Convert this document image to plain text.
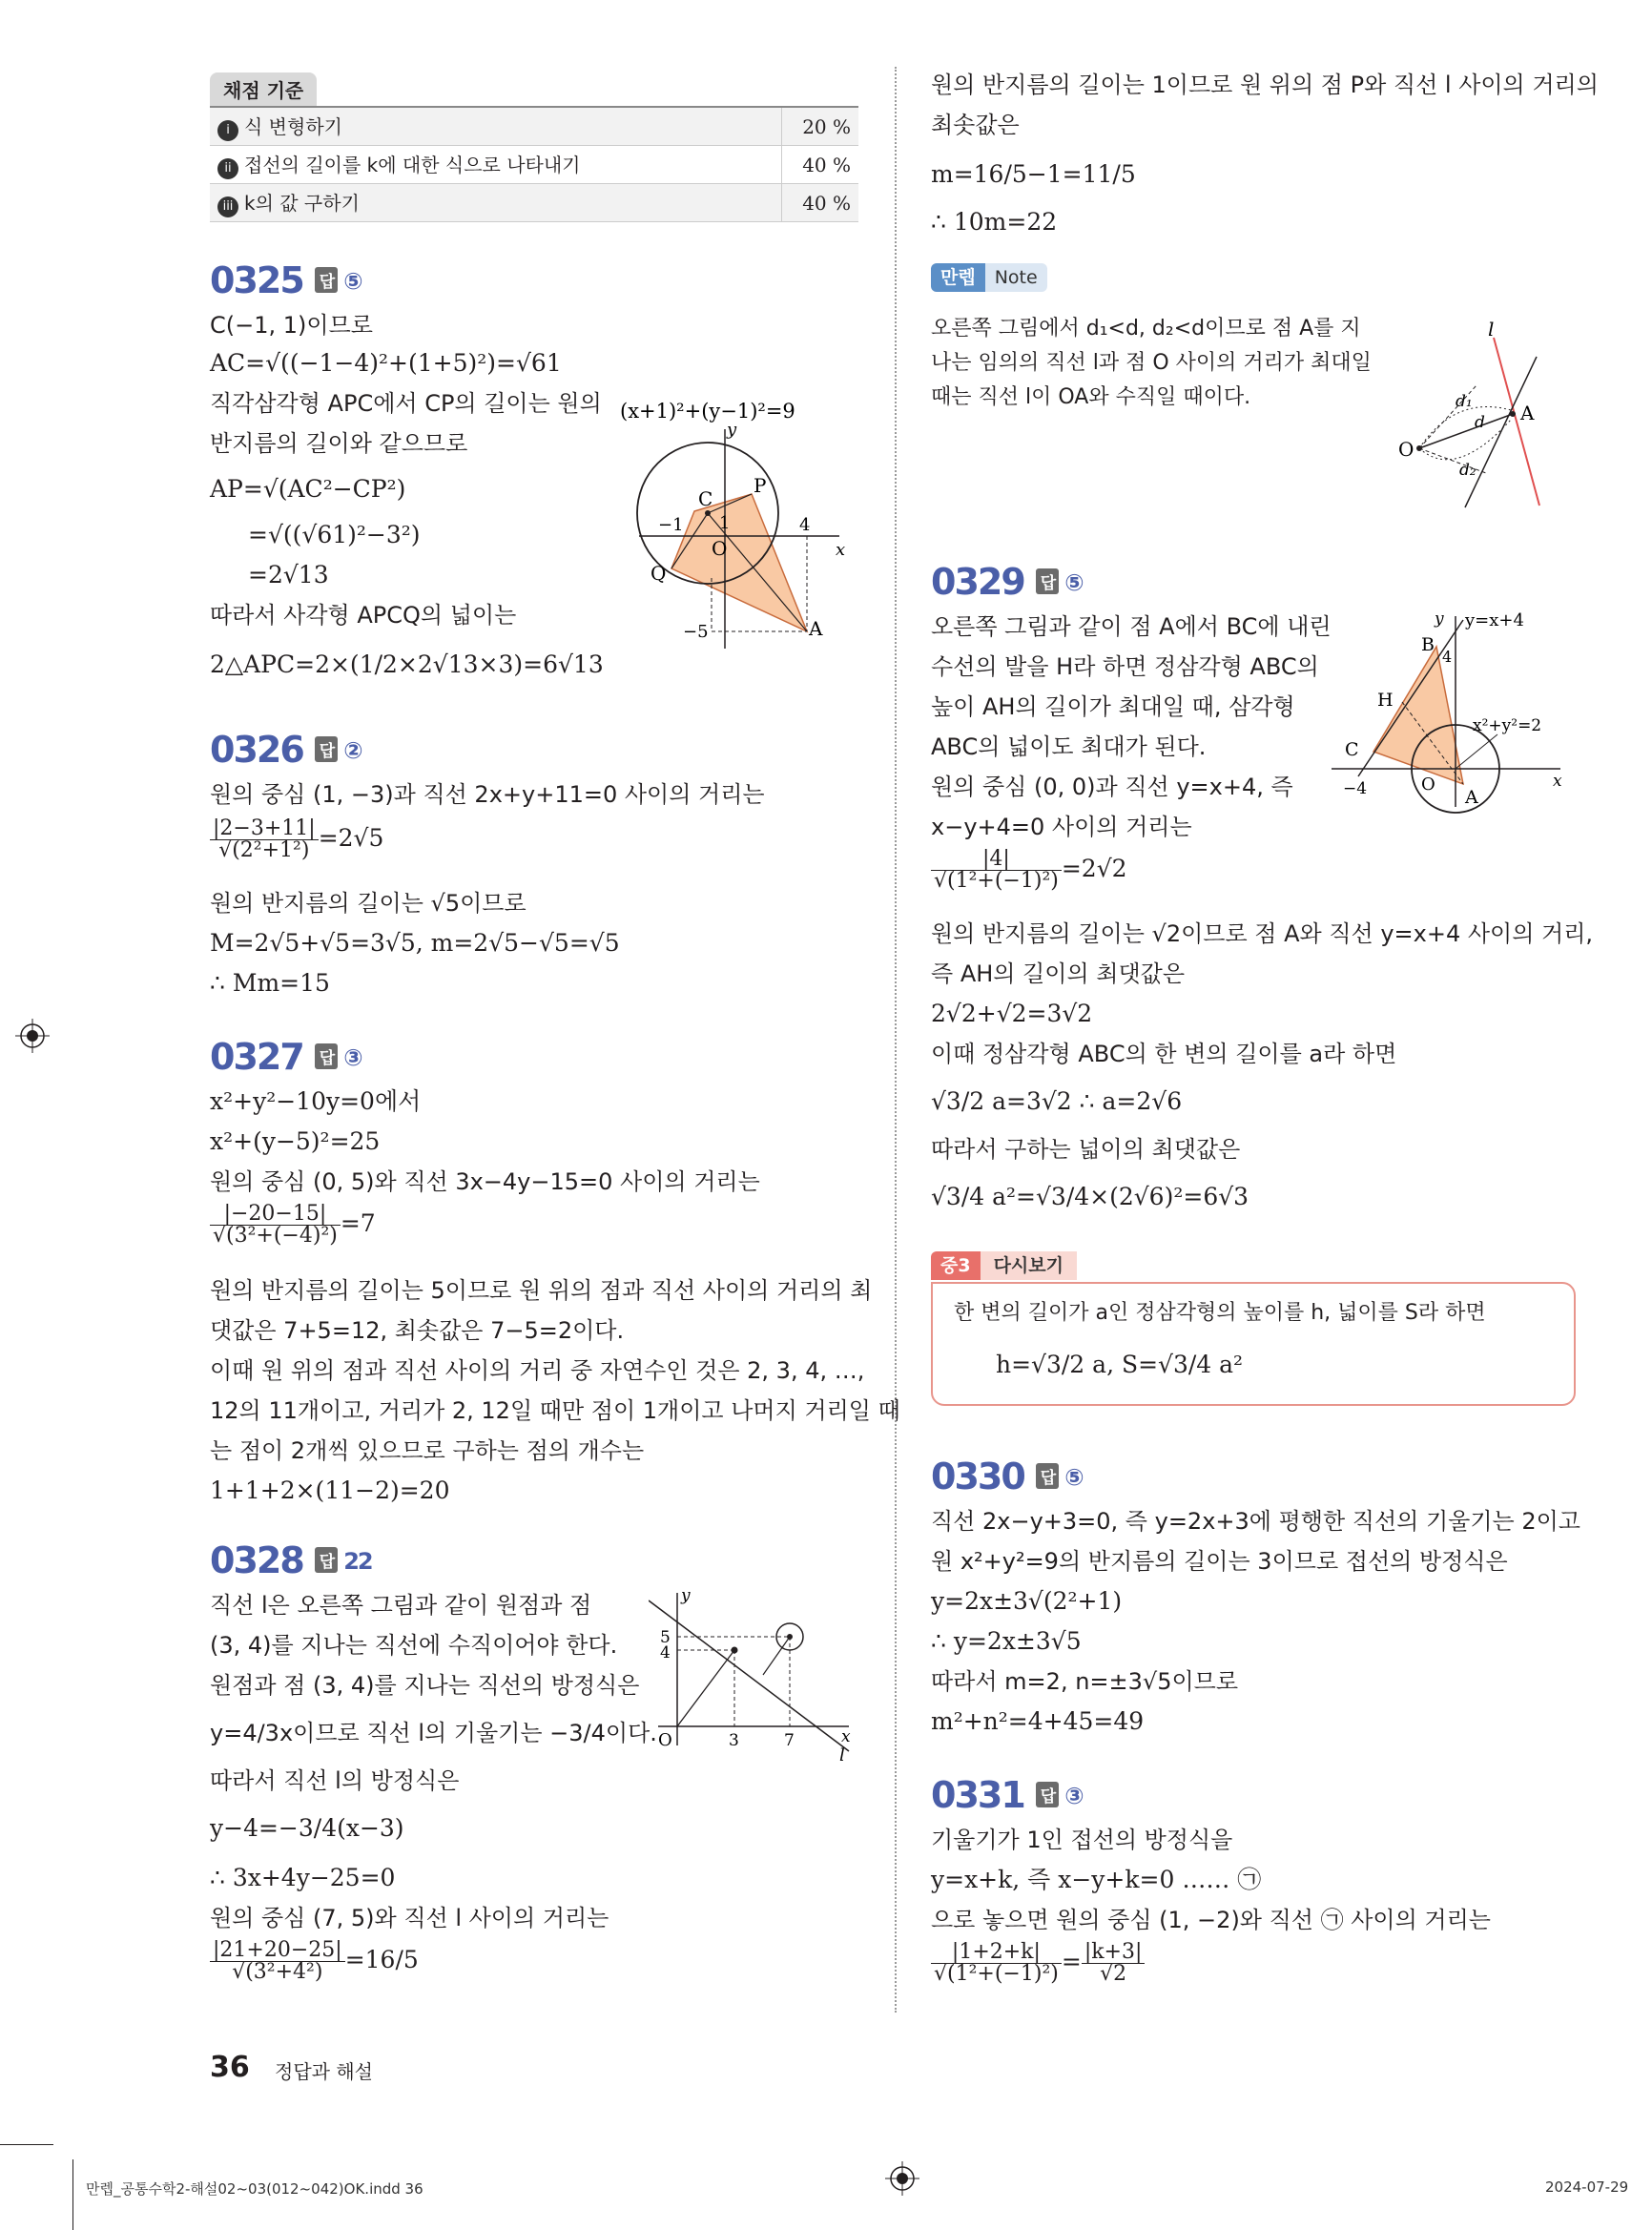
채점 기준
i 식 변형하기	20 %
ii 접선의 길이를 k에 대한 식으로 나타내기	40 %
iii k의 값 구하기	40 %
0325 답 ⑤
C(−1, 1)이므로
AC=√((−1−4)²+(1+5)²)=√61
직각삼각형 APC에서 CP의 길이는 원의
반지름의 길이와 같으므로
AP=√(AC²−CP²)
=√((√61)²−3²)
=2√13
따라서 사각형 APCQ의 넓이는
2△APC=2×(1/2×2√13×3)=6√13
(x+1)²+(y−1)²=9
y
C
P
−1 1	4
x
O
Q
−5	A
0326 답 ②
원의 중심 (1, −3)과 직선 2x+y+11=0 사이의 거리는
$\frac{|2-3+11|}{\text{√(2²+1²)}} =2√5$
원의 반지름의 길이는 √5이므로
M=2√5+√5=3√5, m=2√5−√5=√5
∴ Mm=15
0327 답 ③
x²+y²−10y=0에서
x²+(y−5)²=25
원의 중심 (0, 5)와 직선 3x−4y−15=0 사이의 거리는
$\frac{|-20-15|}{\text{√(3²+(−4)²)}} =7$
원의 반지름의 길이는 5이므로 원 위의 점과 직선 사이의 거리의 최
댓값은 7+5=12, 최솟값은 7−5=2이다.
이때 원 위의 점과 직선 사이의 거리 중 자연수인 것은 2, 3, 4, …,
12의 11개이고, 거리가 2, 12일 때만 점이 1개이고 나머지 거리일 때
는 점이 2개씩 있으므로 구하는 점의 개수는
1+1+2×(11−2)=20
0328 답 22
직선 l은 오른쪽 그림과 같이 원점과 점
(3, 4)를 지나는 직선에 수직이어야 한다.
원점과 점 (3, 4)를 지나는 직선의 방정식은
y=4/3x이므로 직선 l의 기울기는 −3/4이다.
따라서 직선 l의 방정식은
y−4=−3/4(x−3)
∴ 3x+4y−25=0
원의 중심 (7, 5)와 직선 l 사이의 거리는
$\frac{|21+20-25|}{\text{√(3²+4²)}} =16/5$
y
5
4
O	3	7	x
l
원의 반지름의 길이는 1이므로 원 위의 점 P와 직선 l 사이의 거리의
최솟값은
m=16/5−1=11/5
∴ 10m=22
만렙 Note
오른쪽 그림에서 d₁<d, d₂<d이므로 점 A를 지
나는 임의의 직선 l과 점 O 사이의 거리가 최대일
때는 직선 l이 OA와 수직일 때이다.
l
d₁
d A
O
d₂
0329 답 ⑤
오른쪽 그림과 같이 점 A에서 BC에 내린
수선의 발을 H라 하면 정삼각형 ABC의
높이 AH의 길이가 최대일 때, 삼각형
ABC의 넓이도 최대가 된다.
원의 중심 (0, 0)과 직선 y=x+4, 즉
x−y+4=0 사이의 거리는
$\frac{|4|}{\text{√(1²+(−1)²)}} =2√2$
원의 반지름의 길이는 √2이므로 점 A와 직선 y=x+4 사이의 거리,
즉 AH의 길이의 최댓값은
2√2+√2=3√2
이때 정삼각형 ABC의 한 변의 길이를 a라 하면
√3/2 a=3√2 ∴ a=2√6
따라서 구하는 넓이의 최댓값은
√3/4 a²=√3/4×(2√6)²=6√3
y y=x+4
B
4
H
x²+y²=2
C
−4	O
A
x
중3 다시보기
한 변의 길이가 a인 정삼각형의 높이를 h, 넓이를 S라 하면
h=√3/2 a, S=√3/4 a²
0330 답 ⑤
직선 2x−y+3=0, 즉 y=2x+3에 평행한 직선의 기울기는 2이고
원 x²+y²=9의 반지름의 길이는 3이므로 접선의 방정식은
y=2x±3√(2²+1)
∴ y=2x±3√5
따라서 m=2, n=±3√5이므로
m²+n²=4+45=49
0331 답 ③
기울기가 1인 접선의 방정식을
y=x+k, 즉 x−y+k=0 …… ㉠
으로 놓으면 원의 중심 (1, −2)와 직선 ㉠ 사이의 거리는
$\frac{|1+2+k|}{\text{√(1²+(−1)²)}} = \frac{|k+3|}{√2}$
36 정답과 해설
만렙_공통수학2-해설02~03(012~042)OK.indd 36	2024-07-29
